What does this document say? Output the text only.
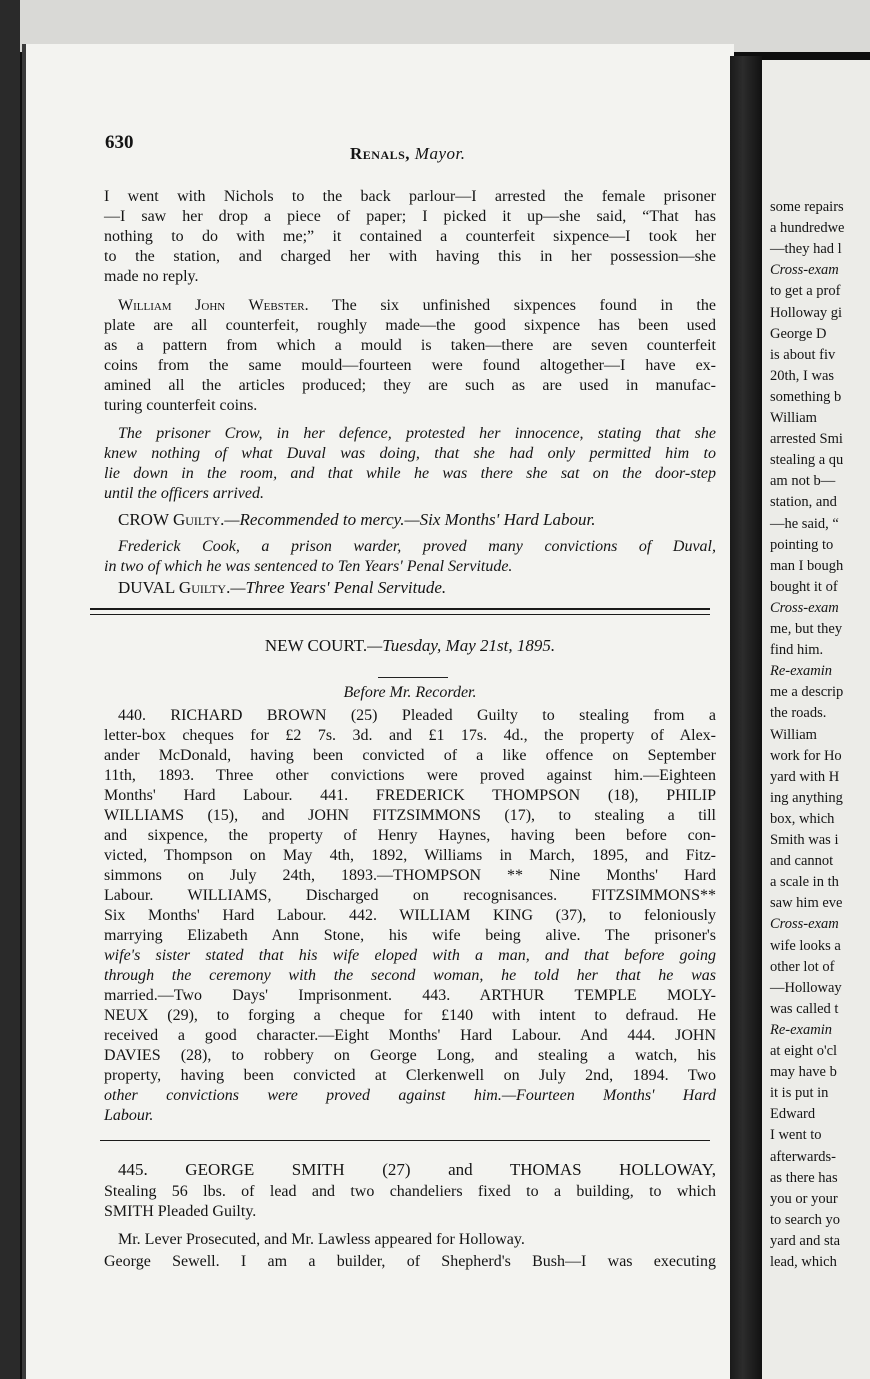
some repairs
a hundredwe
—they had l
Cross-exam
to get a prof
Holloway gi
George D
is about fiv
20th, I was
something b
William
arrested Smi
stealing a qu
am not b—
station, and
—he said, “
pointing to
man I bough
bought it of
Cross-exam
me, but they
find him.
Re-examin
me a descrip
the roads.
William
work for Ho
yard with H
ing anything
box, which
Smith was i
and cannot
a scale in th
saw him eve
Cross-exam
wife looks a
other lot of
—Holloway
was called t
Re-examin
at eight o'cl
may have b
it is put in
Edward
I went to
afterwards-
as there has
you or your
to search yo
yard and sta
lead, which
630
Renals, Mayor.
I went with Nichols to the back parlour—I arrested the female prisoner
—I saw her drop a piece of paper; I picked it up—she said, “That has
nothing to do with me;” it contained a counterfeit sixpence—I took her
to the station, and charged her with having this in her possession—she
made no reply.
William John Webster. The six unfinished sixpences found in the
plate are all counterfeit, roughly made—the good sixpence has been used
as a pattern from which a mould is taken—there are seven counterfeit
coins from the same mould—fourteen were found altogether—I have ex-
amined all the articles produced; they are such as are used in manufac-
turing counterfeit coins.
The prisoner Crow, in her defence, protested her innocence, stating that she
knew nothing of what Duval was doing, that she had only permitted him to
lie down in the room, and that while he was there she sat on the door-step
until the officers arrived.
CROW Guilty.—Recommended to mercy.—Six Months' Hard Labour.
Frederick Cook, a prison warder, proved many convictions of Duval,
in two of which he was sentenced to Ten Years' Penal Servitude.
DUVAL Guilty.—Three Years' Penal Servitude.
NEW COURT.—Tuesday, May 21st, 1895.
Before Mr. Recorder.
440. RICHARD BROWN (25) Pleaded Guilty to stealing from a
letter-box cheques for £2 7s. 3d. and £1 17s. 4d., the property of Alex-
ander McDonald, having been convicted of a like offence on September
11th, 1893. Three other convictions were proved against him.—Eighteen
Months' Hard Labour. 441. FREDERICK THOMPSON (18), PHILIP
WILLIAMS (15), and JOHN FITZSIMMONS (17), to stealing a till
and sixpence, the property of Henry Haynes, having been before con-
victed, Thompson on May 4th, 1892, Williams in March, 1895, and Fitz-
simmons on July 24th, 1893.—THOMPSON ** Nine Months' Hard
Labour. WILLIAMS, Discharged on recognisances. FITZSIMMONS**
Six Months' Hard Labour. 442. WILLIAM KING (37), to feloniously
marrying Elizabeth Ann Stone, his wife being alive. The prisoner's
wife's sister stated that his wife eloped with a man, and that before going
through the ceremony with the second woman, he told her that he was
married.—Two Days' Imprisonment. 443. ARTHUR TEMPLE MOLY-
NEUX (29), to forging a cheque for £140 with intent to defraud. He
received a good character.—Eight Months' Hard Labour. And 444. JOHN
DAVIES (28), to robbery on George Long, and stealing a watch, his
property, having been convicted at Clerkenwell on July 2nd, 1894. Two
other convictions were proved against him.—Fourteen Months' Hard
Labour.
445. GEORGE SMITH (27) and THOMAS HOLLOWAY,
Stealing 56 lbs. of lead and two chandeliers fixed to a building, to which
SMITH Pleaded Guilty.
Mr. Lever Prosecuted, and Mr. Lawless appeared for Holloway.
George Sewell. I am a builder, of Shepherd's Bush—I was executing
